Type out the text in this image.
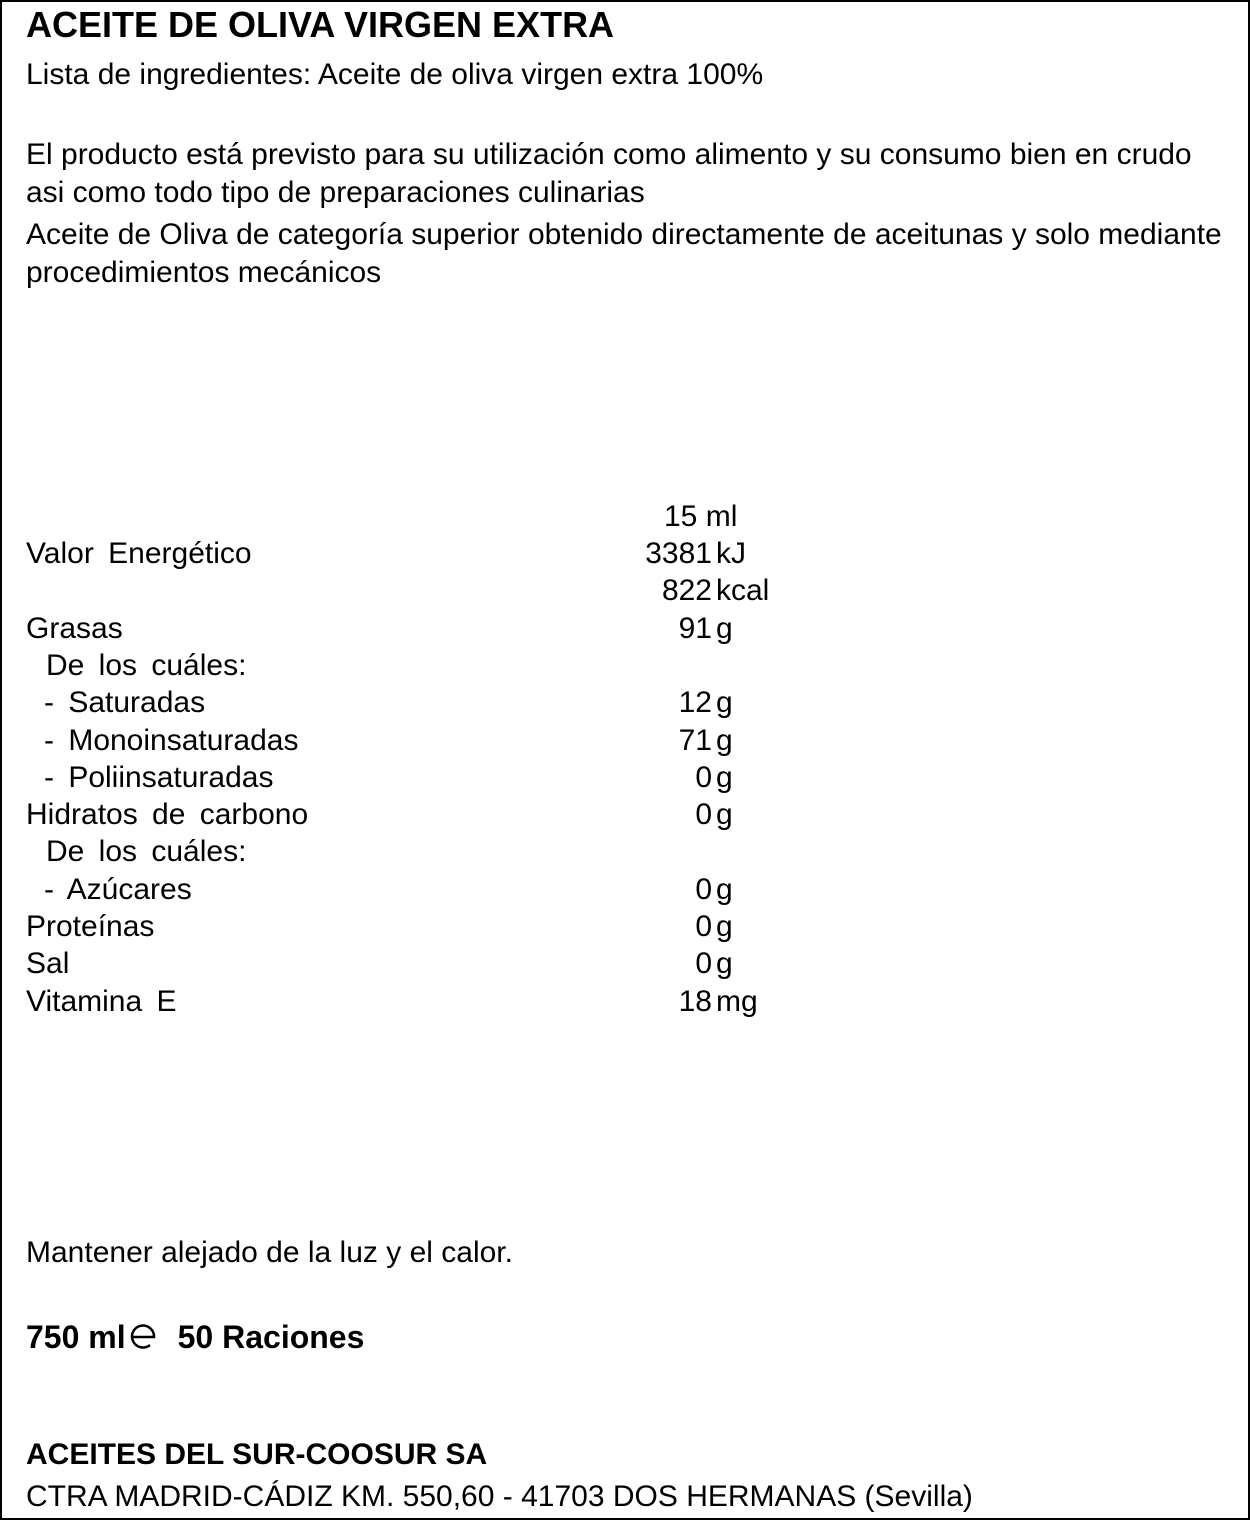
ACEITE DE OLIVA VIRGEN EXTRA
Lista de ingredientes: Aceite de oliva virgen extra 100%
El producto está previsto para su utilización como alimento y su consumo bien en crudo asi como todo tipo de preparaciones culinarias
Aceite de Oliva de categoría superior obtenido directamente de aceitunas y solo mediante procedimientos mecánicos
15 ml
Valor Energético	3381 kJ
822 kcal
Grasas	91 g
De los cuáles:
- Saturadas	12 g
- Monoinsaturadas	71 g
- Poliinsaturadas	0 g
Hidratos de carbono	0 g
De los cuáles:
- Azúcares	0 g
Proteínas	0 g
Sal	0 g
Vitamina E	18 mg
Mantener alejado de la luz y el calor.
750 ml 50 Raciones
ACEITES DEL SUR-COOSUR SA
CTRA MADRID-CÁDIZ KM. 550,60 - 41703 DOS HERMANAS (Sevilla)
